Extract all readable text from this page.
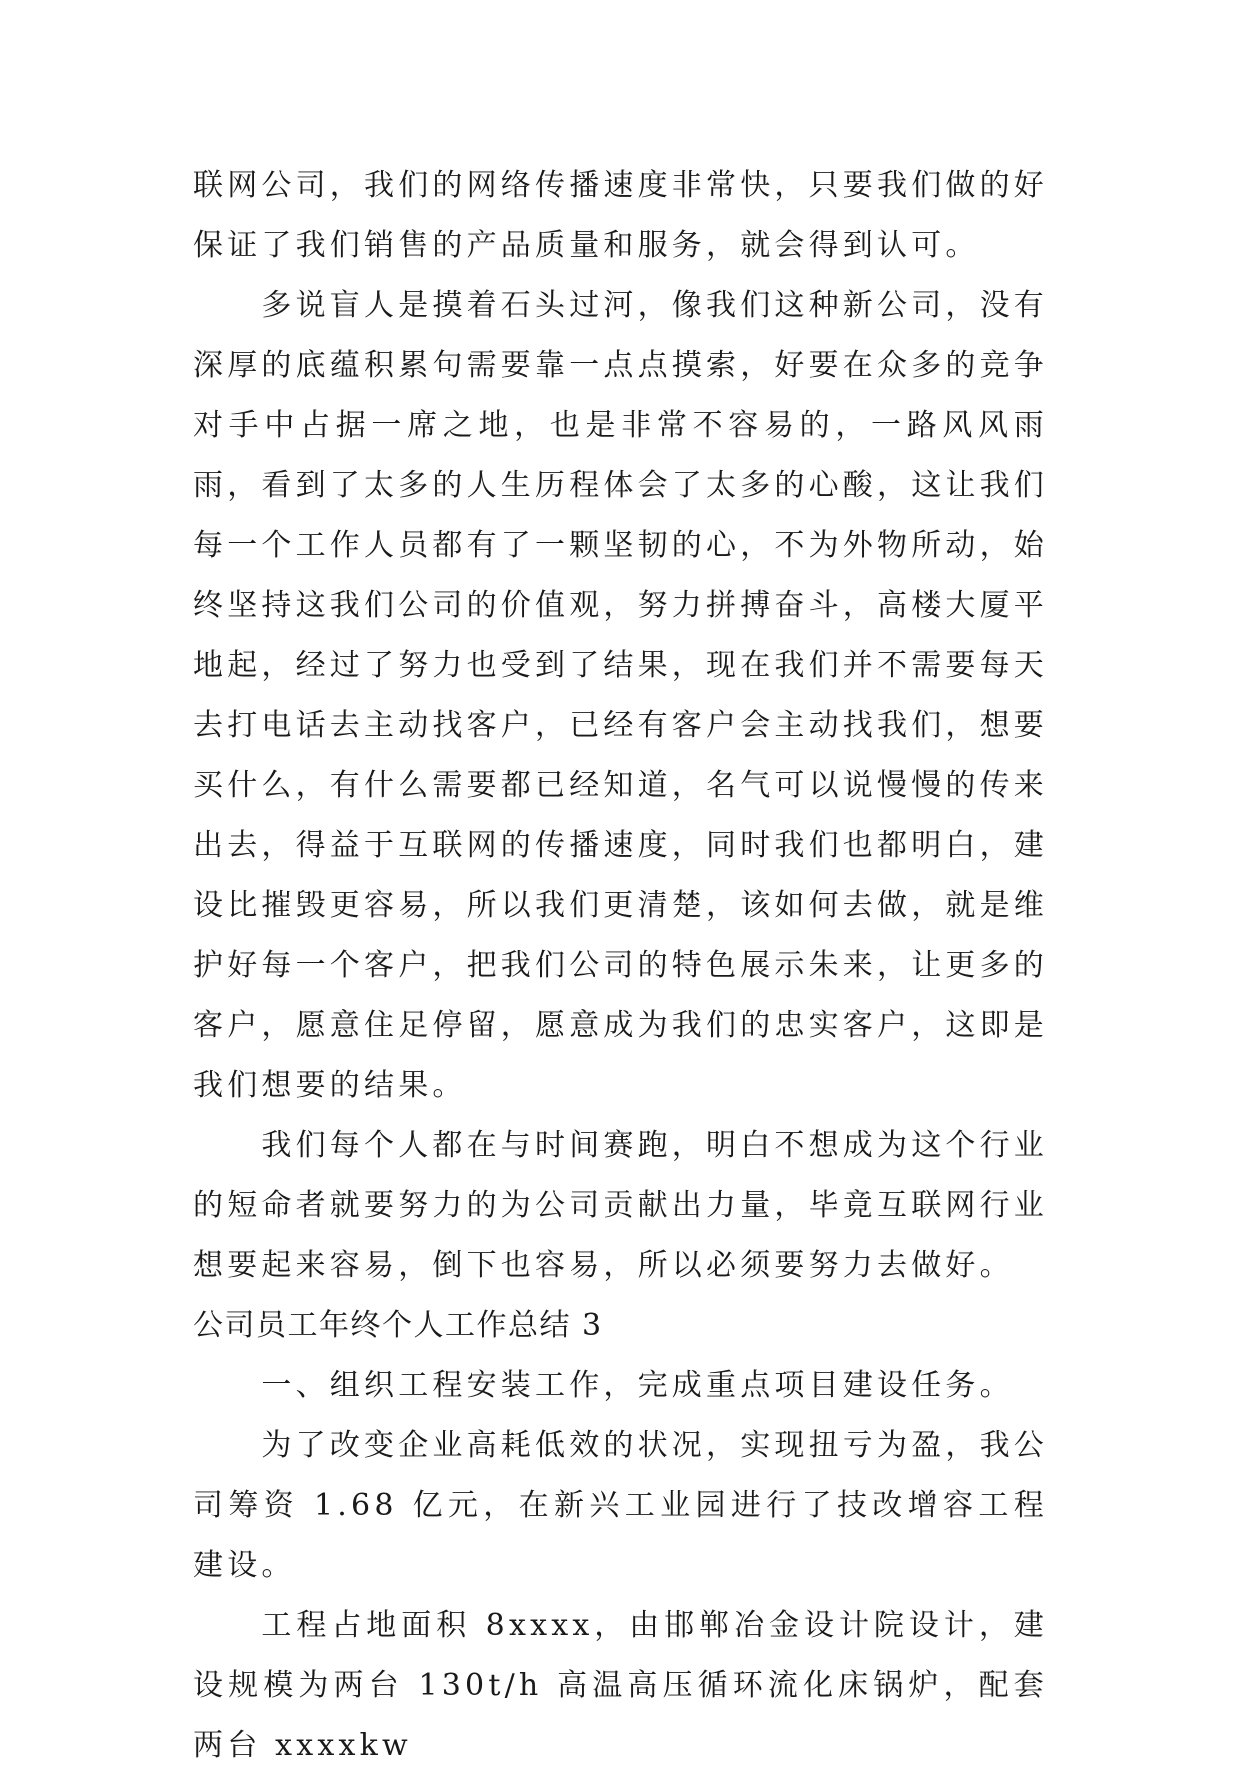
联网公司，我们的网络传播速度非常快，只要我们做的好保证了我们销售的产品质量和服务，就会得到认可。

多说盲人是摸着石头过河，像我们这种新公司，没有深厚的底蕴积累句需要靠一点点摸索，好要在众多的竞争对手中占据一席之地，也是非常不容易的，一路风风雨雨，看到了太多的人生历程体会了太多的心酸，这让我们每一个工作人员都有了一颗坚韧的心，不为外物所动，始终坚持这我们公司的价值观，努力拼搏奋斗，高楼大厦平地起，经过了努力也受到了结果，现在我们并不需要每天去打电话去主动找客户，已经有客户会主动找我们，想要买什么，有什么需要都已经知道，名气可以说慢慢的传来出去，得益于互联网的传播速度，同时我们也都明白，建设比摧毁更容易，所以我们更清楚，该如何去做，就是维护好每一个客户，把我们公司的特色展示朱来，让更多的客户，愿意住足停留，愿意成为我们的忠实客户，这即是我们想要的结果。

我们每个人都在与时间赛跑，明白不想成为这个行业的短命者就要努力的为公司贡献出力量，毕竟互联网行业想要起来容易，倒下也容易，所以必须要努力去做好。

公司员工年终个人工作总结 3

一、组织工程安装工作，完成重点项目建设任务。

为了改变企业高耗低效的状况，实现扭亏为盈，我公司筹资 1.68 亿元，在新兴工业园进行了技改增容工程建设。

工程占地面积 8xxxx，由邯郸冶金设计院设计，建设规模为两台 130t/h 高温高压循环流化床锅炉，配套两台 xxxxkw
